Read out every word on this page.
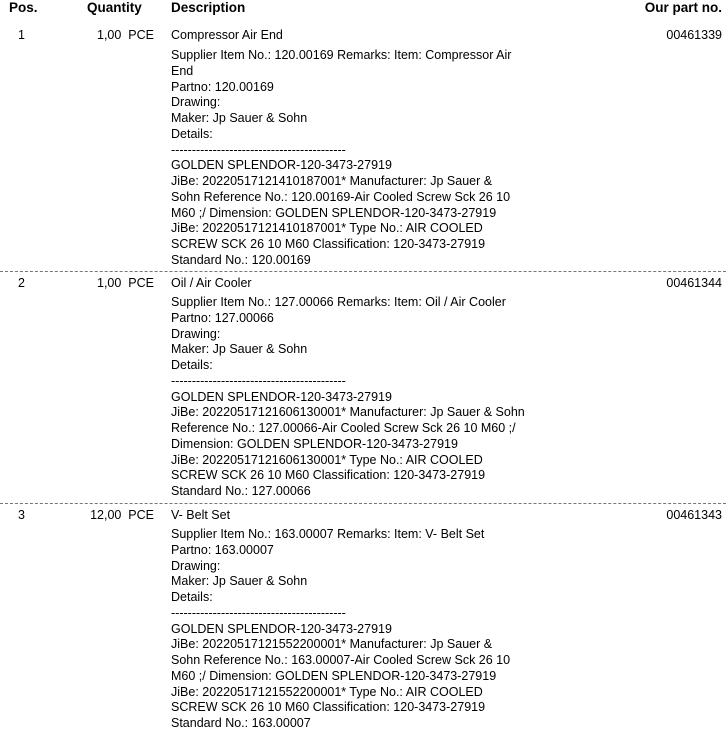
Pos.	Quantity Description	Our part no.
1	1,00 PCE Compressor Air End	00461339
Supplier Item No.: 120.00169 Remarks: Item: Compressor Air
End
Partno: 120.00169
Drawing:
Maker: Jp Sauer & Sohn
Details:
------------------------------------------
GOLDEN SPLENDOR-120-3473-27919
JiBe: 20220517121410187001* Manufacturer: Jp Sauer &
Sohn Reference No.: 120.00169-Air Cooled Screw Sck 26 10
M60 ;/ Dimension: GOLDEN SPLENDOR-120-3473-27919
JiBe: 20220517121410187001* Type No.: AIR COOLED
SCREW SCK 26 10 M60 Classification: 120-3473-27919
Standard No.: 120.00169
2	1,00 PCE Oil / Air Cooler	00461344
Supplier Item No.: 127.00066 Remarks: Item: Oil / Air Cooler
Partno: 127.00066
Drawing:
Maker: Jp Sauer & Sohn
Details:
------------------------------------------
GOLDEN SPLENDOR-120-3473-27919
JiBe: 20220517121606130001* Manufacturer: Jp Sauer & Sohn
Reference No.: 127.00066-Air Cooled Screw Sck 26 10 M60 ;/
Dimension: GOLDEN SPLENDOR-120-3473-27919
JiBe: 20220517121606130001* Type No.: AIR COOLED
SCREW SCK 26 10 M60 Classification: 120-3473-27919
Standard No.: 127.00066
3	12,00 PCE V- Belt Set	00461343
Supplier Item No.: 163.00007 Remarks: Item: V- Belt Set
Partno: 163.00007
Drawing:
Maker: Jp Sauer & Sohn
Details:
------------------------------------------
GOLDEN SPLENDOR-120-3473-27919
JiBe: 20220517121552200001* Manufacturer: Jp Sauer &
Sohn Reference No.: 163.00007-Air Cooled Screw Sck 26 10
M60 ;/ Dimension: GOLDEN SPLENDOR-120-3473-27919
JiBe: 20220517121552200001* Type No.: AIR COOLED
SCREW SCK 26 10 M60 Classification: 120-3473-27919
Standard No.: 163.00007
